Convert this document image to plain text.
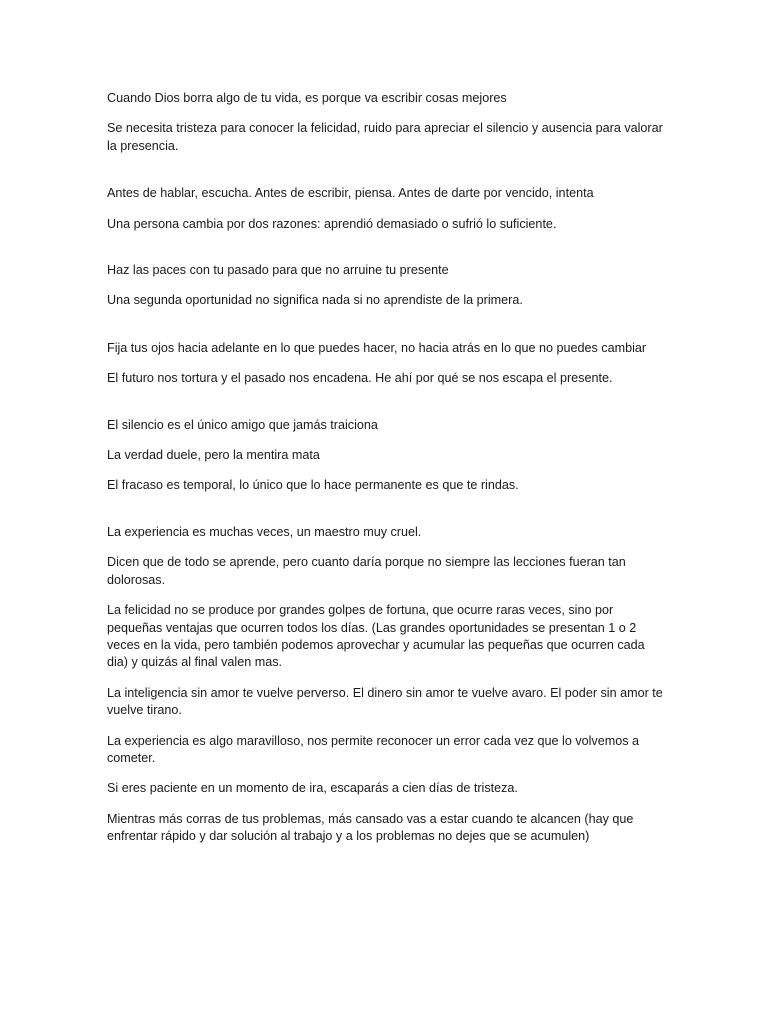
Cuando Dios borra algo de tu vida, es porque va escribir cosas mejores

Se necesita tristeza para conocer la felicidad, ruido para apreciar el silencio y ausencia para valorar la presencia.

Antes de hablar, escucha. Antes de escribir, piensa. Antes de darte por vencido, intenta

Una persona cambia por dos razones: aprendió demasiado o sufrió lo suficiente.

Haz las paces con tu pasado para que no arruine tu presente

Una segunda oportunidad no significa nada si no aprendiste de la primera.

Fija tus ojos hacia adelante en lo que puedes hacer, no hacia atrás en lo que no puedes cambiar

El futuro nos tortura y el pasado nos encadena. He ahí por qué se nos escapa el presente.

El silencio es el único amigo que jamás traiciona

La verdad duele, pero la mentira mata

El fracaso es temporal, lo único que lo hace permanente es que te rindas.

La experiencia es muchas veces, un maestro muy cruel.

Dicen que de todo se aprende, pero cuanto daría porque no siempre las lecciones fueran tan dolorosas.

La felicidad no se produce por grandes golpes de fortuna, que ocurre raras veces, sino por pequeñas ventajas que ocurren todos los días. (Las grandes oportunidades se presentan 1 o 2 veces en la vida, pero también podemos aprovechar y acumular las pequeñas que ocurren cada dia) y quizás al final valen mas.

La inteligencia sin amor te vuelve perverso. El dinero sin amor te vuelve avaro. El poder sin amor te vuelve tirano.

La experiencia es algo maravilloso, nos permite reconocer un error cada vez que lo volvemos a cometer.

Si eres paciente en un momento de ira, escaparás a cien días de tristeza.

Mientras más corras de tus problemas, más cansado vas a estar cuando te alcancen (hay que enfrentar rápido y dar solución al trabajo y a los problemas no dejes que se acumulen)
